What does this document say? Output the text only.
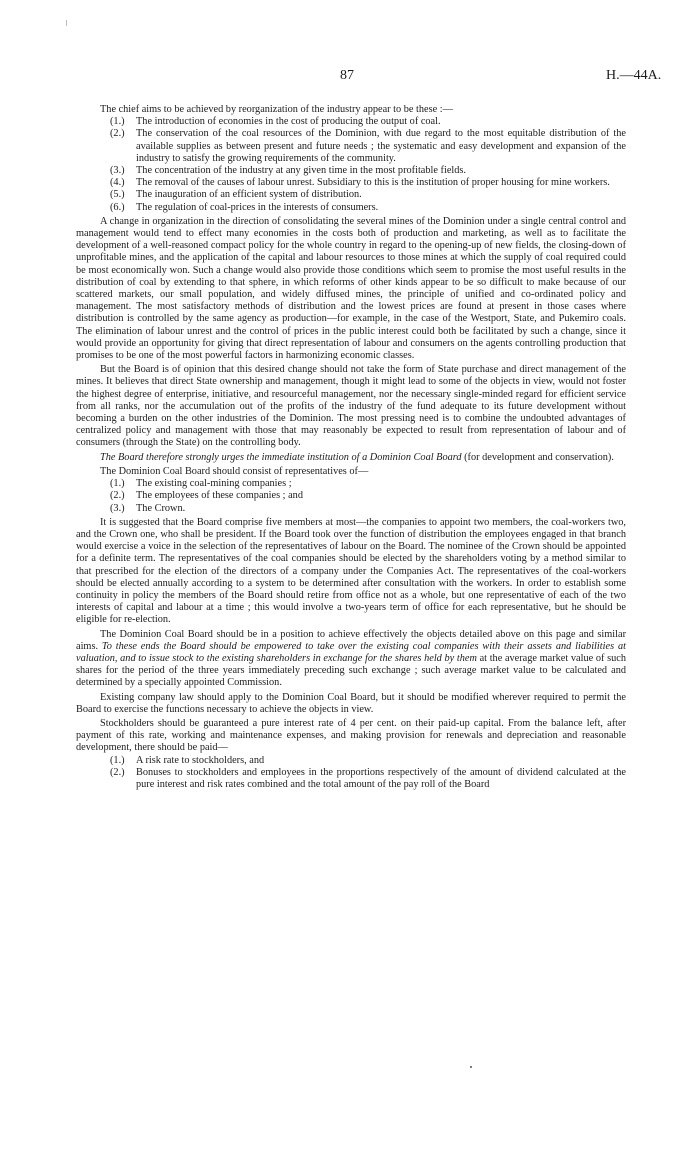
87	H.—44A.

The chief aims to be achieved by reorganization of the industry appear to be these :—

(1.) The introduction of economies in the cost of producing the output of coal.
(2.) The conservation of the coal resources of the Dominion, with due regard to the most equitable distribution of the available supplies as between present and future needs ; the systematic and easy development and expansion of the industry to satisfy the growing requirements of the community.
(3.) The concentration of the industry at any given time in the most profitable fields.
(4.) The removal of the causes of labour unrest. Subsidiary to this is the institution of proper housing for mine workers.
(5.) The inauguration of an efficient system of distribution.
(6.) The regulation of coal-prices in the interests of consumers.

A change in organization in the direction of consolidating the several mines of the Dominion under a single central control and management would tend to effect many economies in the costs both of production and marketing, as well as to facilitate the development of a well-reasoned compact policy for the whole country in regard to the opening-up of new fields, the closing-down of unprofitable mines, and the application of the capital and labour resources to those mines at which the supply of coal required could be most economically won. Such a change would also provide those conditions which seem to promise the most useful results in the distribution of coal by extending to that sphere, in which reforms of other kinds appear to be so difficult to make because of our scattered markets, our small population, and widely diffused mines, the principle of unified and co-ordinated policy and management. The most satisfactory methods of distribution and the lowest prices are found at present in those cases where distribution is controlled by the same agency as production—for example, in the case of the Westport, State, and Pukemiro coals. The elimination of labour unrest and the control of prices in the public interest could both be facilitated by such a change, since it would provide an opportunity for giving that direct representation of labour and consumers on the agents controlling production that promises to be one of the most powerful factors in harmonizing economic classes.

But the Board is of opinion that this desired change should not take the form of State purchase and direct management of the mines. It believes that direct State ownership and management, though it might lead to some of the objects in view, would not foster the highest degree of enterprise, initiative, and resourceful management, nor the necessary single-minded regard for efficient service from all ranks, nor the accumulation out of the profits of the industry of the fund adequate to its future development without becoming a burden on the other industries of the Dominion. The most pressing need is to combine the undoubted advantages of centralized policy and management with those that may reasonably be expected to result from representation of labour and of consumers (through the State) on the controlling body.

The Board therefore strongly urges the immediate institution of a Dominion Coal Board (for development and conservation).

The Dominion Coal Board should consist of representatives of—

(1.) The existing coal-mining companies ;
(2.) The employees of these companies ; and
(3.) The Crown.

It is suggested that the Board comprise five members at most—the companies to appoint two members, the coal-workers two, and the Crown one, who shall be president. If the Board took over the function of distribution the employees engaged in that branch would exercise a voice in the selection of the representatives of labour on the Board. The nominee of the Crown should be appointed for a definite term. The representatives of the coal companies should be elected by the shareholders voting by a method similar to that prescribed for the election of the directors of a company under the Companies Act. The representatives of the coal-workers should be elected annually according to a system to be determined after consultation with the workers. In order to establish some continuity in policy the members of the Board should retire from office not as a whole, but one representative of each of the two interests of capital and labour at a time ; this would involve a two-years term of office for each representative, but he should be eligible for re-election.

The Dominion Coal Board should be in a position to achieve effectively the objects detailed above on this page and similar aims. To these ends the Board should be empowered to take over the existing coal companies with their assets and liabilities at valuation, and to issue stock to the existing shareholders in exchange for the shares held by them at the average market value of such shares for the period of the three years immediately preceding such exchange ; such average market value to be calculated and determined by a specially appointed Commission.

Existing company law should apply to the Dominion Coal Board, but it should be modified wherever required to permit the Board to exercise the functions necessary to achieve the objects in view.

Stockholders should be guaranteed a pure interest rate of 4 per cent. on their paid-up capital. From the balance left, after payment of this rate, working and maintenance expenses, and making provision for renewals and depreciation and reasonable development, there should be paid—

(1.) A risk rate to stockholders, and
(2.) Bonuses to stockholders and employees in the proportions respectively of the amount of dividend calculated at the pure interest and risk rates combined and the total amount of the pay roll of the Board
